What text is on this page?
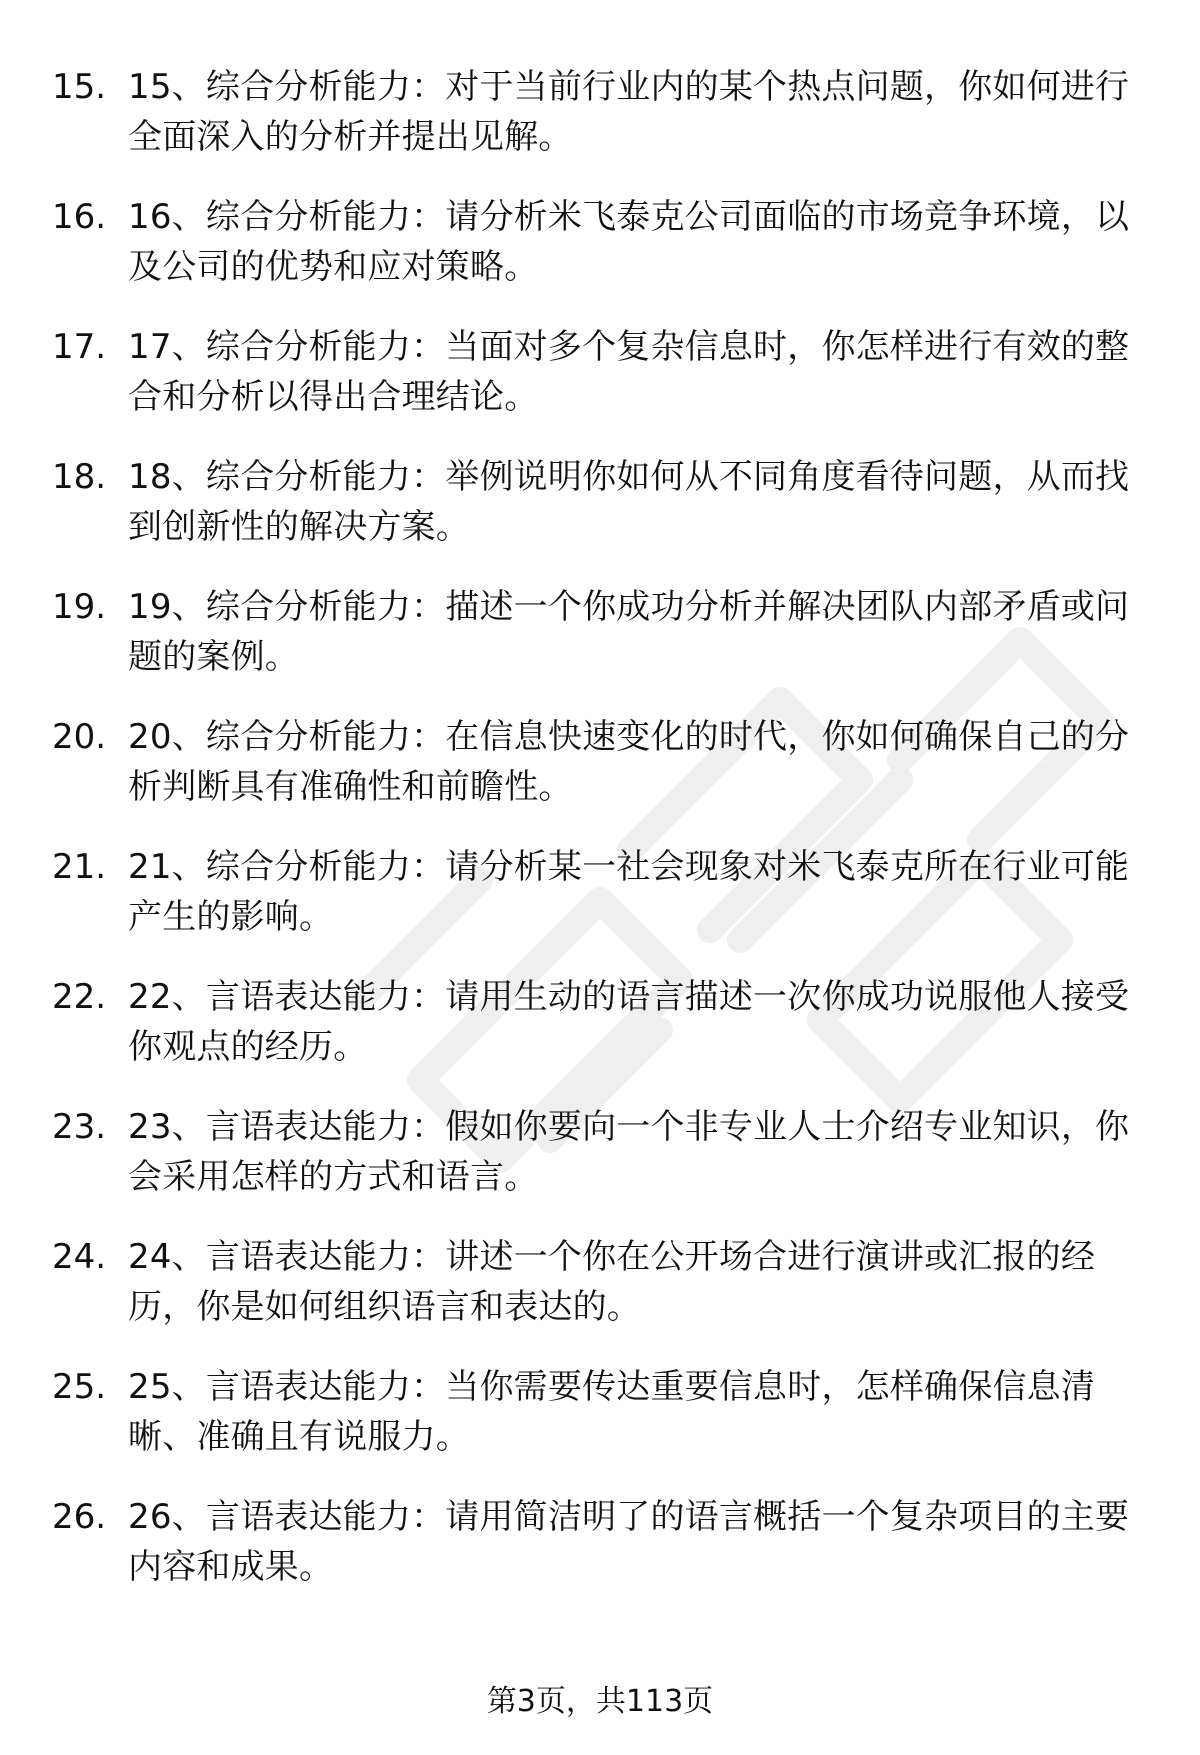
15. 15、综合分析能力：对于当前行业内的某个热点问题，你如何进行全面深入的分析并提出见解。
16. 16、综合分析能力：请分析米飞泰克公司面临的市场竞争环境，以及公司的优势和应对策略。
17. 17、综合分析能力：当面对多个复杂信息时，你怎样进行有效的整合和分析以得出合理结论。
18. 18、综合分析能力：举例说明你如何从不同角度看待问题，从而找到创新性的解决方案。
19. 19、综合分析能力：描述一个你成功分析并解决团队内部矛盾或问题的案例。
20. 20、综合分析能力：在信息快速变化的时代，你如何确保自己的分析判断具有准确性和前瞻性。
21. 21、综合分析能力：请分析某一社会现象对米飞泰克所在行业可能产生的影响。
22. 22、言语表达能力：请用生动的语言描述一次你成功说服他人接受你观点的经历。
23. 23、言语表达能力：假如你要向一个非专业人士介绍专业知识，你会采用怎样的方式和语言。
24. 24、言语表达能力：讲述一个你在公开场合进行演讲或汇报的经历，你是如何组织语言和表达的。
25. 25、言语表达能力：当你需要传达重要信息时，怎样确保信息清晰、准确且有说服力。
26. 26、言语表达能力：请用简洁明了的语言概括一个复杂项目的主要内容和成果。
第3页，共113页
